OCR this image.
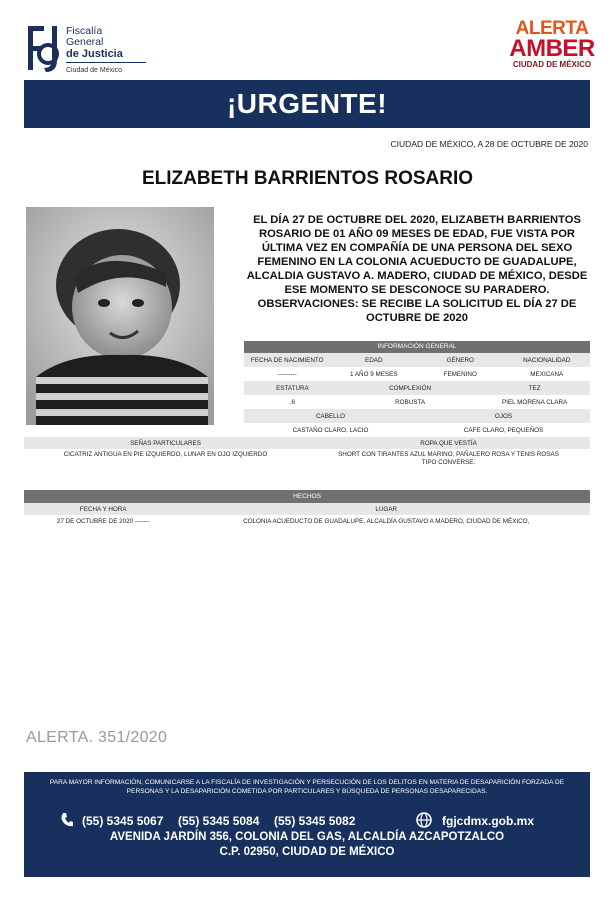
Fiscalía
General
de Justicia
Ciudad de México
ALERTA
AMBER
CIUDAD DE MÉXICO
¡URGENTE!
CIUDAD DE MÉXICO, A 28 DE OCTUBRE DE 2020
ELIZABETH BARRIENTOS ROSARIO
EL DÍA 27 DE OCTUBRE DEL 2020, ELIZABETH BARRIENTOS ROSARIO DE 01 AÑO 09 MESES DE EDAD, FUE VISTA POR ÚLTIMA VEZ EN COMPAÑÍA DE UNA PERSONA DEL SEXO FEMENINO EN LA COLONIA ACUEDUCTO DE GUADALUPE, ALCALDIA GUSTAVO A. MADERO, CIUDAD DE MÉXICO, DESDE ESE MOMENTO SE DESCONOCE SU PARADERO. OBSERVACIONES: SE RECIBE LA SOLICITUD EL DÍA 27 DE OCTUBRE DE 2020
INFORMACIÓN GENERAL
FECHA DE NACIMIENTO	EDAD	GÉNERO	NACIONALIDAD
---------	1 AÑO 9 MESES	FEMENINO	MEXICANA
ESTATURA	COMPLEXIÓN	TEZ
.6	ROBUSTA	PIEL MORENA CLARA
CABELLO	OJOS
CASTAÑO CLARO, LACIO	CAFE CLARO, PEQUEÑOS
SEÑAS PARTICULARES	ROPA QUE VESTÍA
CICATRIZ ANTIGUA EN PIE IZQUIERDO, LUNAR EN OJO IZQUIERDO	SHORT CON TIRANTES AZUL MARINO, PAÑALERO ROSA Y TENIS ROSAS TIPO CONVERSE.
HECHOS
FECHA Y HORA	LUGAR
27 DE OCTUBRE DE 2020 -------	COLONIA ACUEDUCTO DE GUADALUPE, ALCALDÍA GUSTAVO A MADERO, CIUDAD DE MÉXICO,
ALERTA. 351/2020
PARA MAYOR INFORMACIÓN, COMUNICARSE A LA FISCALÍA DE INVESTIGACIÓN Y PERSECUCIÓN DE LOS DELITOS EN MATERIA DE DESAPARICIÓN FORZADA DE PERSONAS Y LA DESAPARICIÓN COMETIDA POR PARTICULARES Y BÚSQUEDA DE PERSONAS DESAPARECIDAS.
(55) 5345 5067 (55) 5345 5084 (55) 5345 5082	fgjcdmx.gob.mx
AVENIDA JARDÍN 356, COLONIA DEL GAS, ALCALDÍA AZCAPOTZALCO
C.P. 02950, CIUDAD DE MÉXICO
